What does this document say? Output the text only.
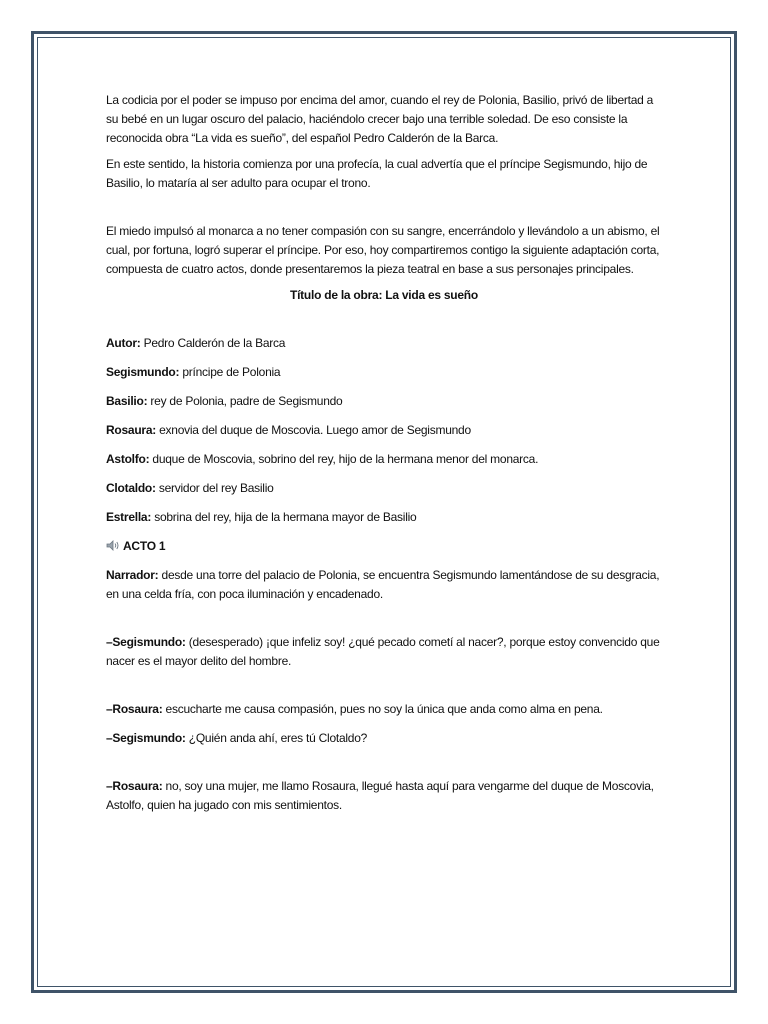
La codicia por el poder se impuso por encima del amor, cuando el rey de Polonia, Basilio, privó de libertad a su bebé en un lugar oscuro del palacio, haciéndolo crecer bajo una terrible soledad. De eso consiste la reconocida obra “La vida es sueño”, del español Pedro Calderón de la Barca.

En este sentido, la historia comienza por una profecía, la cual advertía que el príncipe Segismundo, hijo de Basilio, lo mataría al ser adulto para ocupar el trono.

El miedo impulsó al monarca a no tener compasión con su sangre, encerrándolo y llevándolo a un abismo, el cual, por fortuna, logró superar el príncipe. Por eso, hoy compartiremos contigo la siguiente adaptación corta, compuesta de cuatro actos, donde presentaremos la pieza teatral en base a sus personajes principales.

Título de la obra: La vida es sueño

Autor: Pedro Calderón de la Barca

Segismundo: príncipe de Polonia

Basilio: rey de Polonia, padre de Segismundo

Rosaura: exnovia del duque de Moscovia. Luego amor de Segismundo

Astolfo: duque de Moscovia, sobrino del rey, hijo de la hermana menor del monarca.

Clotaldo: servidor del rey Basilio

Estrella: sobrina del rey, hija de la hermana mayor de Basilio

ACTO 1

Narrador: desde una torre del palacio de Polonia, se encuentra Segismundo lamentándose de su desgracia, en una celda fría, con poca iluminación y encadenado.

–Segismundo: (desesperado) ¡que infeliz soy! ¿qué pecado cometí al nacer?, porque estoy convencido que nacer es el mayor delito del hombre.

–Rosaura: escucharte me causa compasión, pues no soy la única que anda como alma en pena.

–Segismundo: ¿Quién anda ahí, eres tú Clotaldo?

–Rosaura: no, soy una mujer, me llamo Rosaura, llegué hasta aquí para vengarme del duque de Moscovia, Astolfo, quien ha jugado con mis sentimientos.
